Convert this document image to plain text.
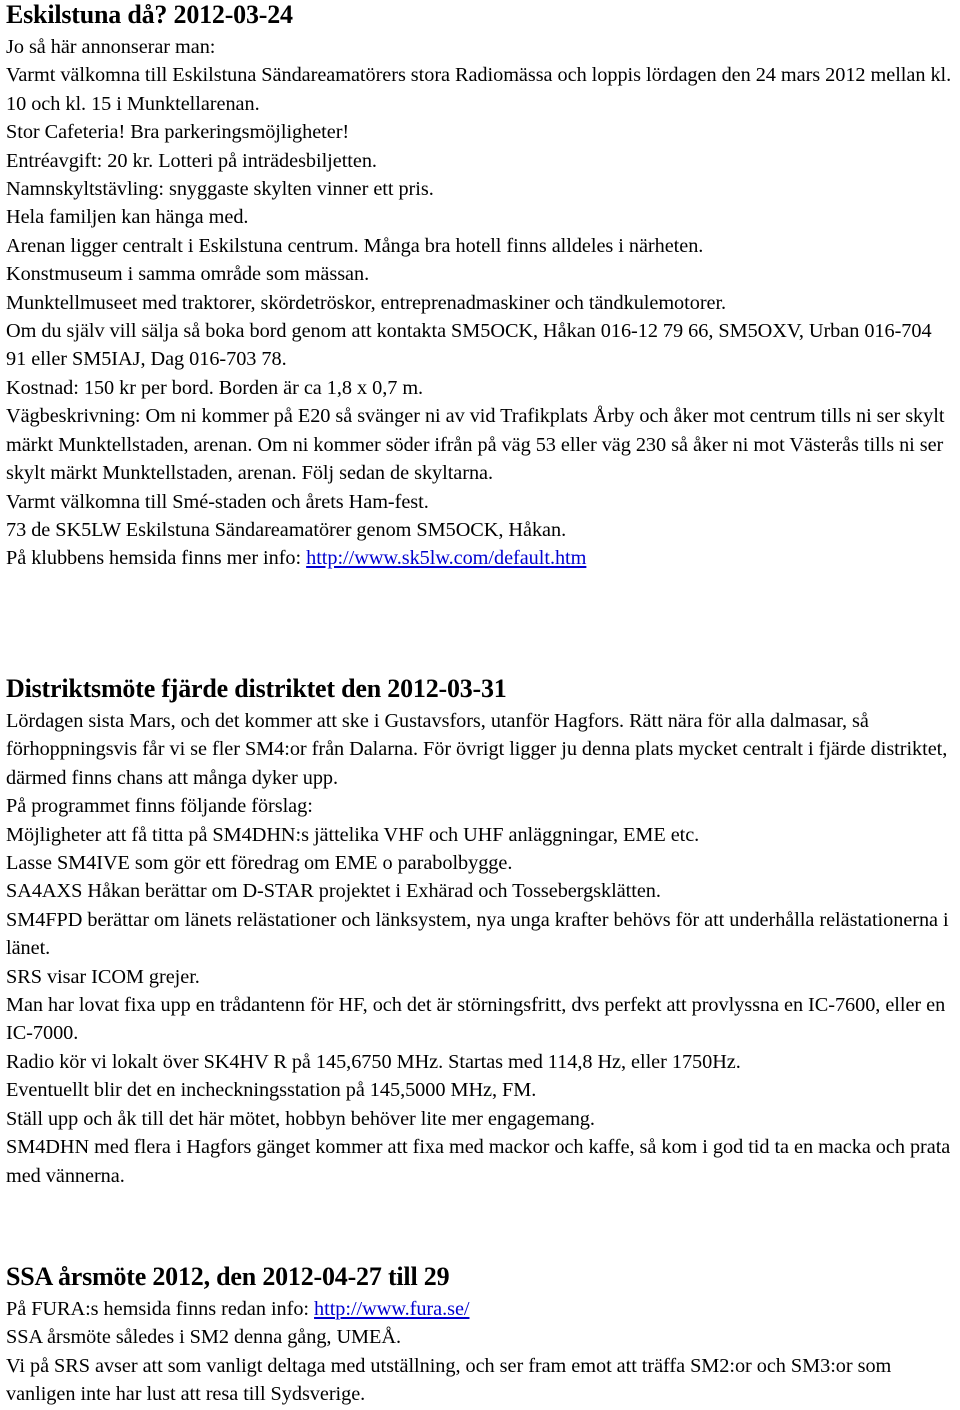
Eskilstuna då? 2012-03-24

Jo så här annonserar man:

Varmt välkomna till Eskilstuna Sändareamatörers stora Radiomässa och loppis lördagen den 24 mars 2012 mellan kl. 10 och kl. 15 i Munktellarenan.

Stor Cafeteria! Bra parkeringsmöjligheter!

Entréavgift: 20 kr. Lotteri på inträdesbiljetten.

Namnskyltstävling: snyggaste skylten vinner ett pris.

Hela familjen kan hänga med.

Arenan ligger centralt i Eskilstuna centrum. Många bra hotell finns alldeles i närheten.

Konstmuseum i samma område som mässan.

Munktellmuseet med traktorer, skördetröskor, entreprenadmaskiner och tändkulemotorer.

Om du själv vill sälja så boka bord genom att kontakta SM5OCK, Håkan 016-12 79 66, SM5OXV, Urban 016-704 91 eller SM5IAJ, Dag 016-703 78.

Kostnad: 150 kr per bord. Borden är ca 1,8 x 0,7 m.

Vägbeskrivning: Om ni kommer på E20 så svänger ni av vid Trafikplats Årby och åker mot centrum tills ni ser skylt märkt Munktellstaden, arenan. Om ni kommer söder ifrån på väg 53 eller väg 230 så åker ni mot Västerås tills ni ser skylt märkt Munktellstaden, arenan. Följ sedan de skyltarna.

Varmt välkomna till Smé-staden och årets Ham-fest.

73 de SK5LW Eskilstuna Sändareamatörer genom SM5OCK, Håkan.

På klubbens hemsida finns mer info: http://www.sk5lw.com/default.htm

Distriktsmöte fjärde distriktet den 2012-03-31

Lördagen sista Mars, och det kommer att ske i Gustavsfors, utanför Hagfors. Rätt nära för alla dalmasar, så förhoppningsvis får vi se fler SM4:or från Dalarna. För övrigt ligger ju denna plats mycket centralt i fjärde distriktet, därmed finns chans att många dyker upp.

På programmet finns följande förslag:

Möjligheter att få titta på SM4DHN:s jättelika VHF och UHF anläggningar, EME etc.

Lasse SM4IVE som gör ett föredrag om EME o parabolbygge.

SA4AXS Håkan berättar om D-STAR projektet i Exhärad och Tossebergsklätten.

SM4FPD berättar om länets relästationer och länksystem, nya unga krafter behövs för att underhålla relästationerna i länet.

SRS visar ICOM grejer.

Man har lovat fixa upp en trådantenn för HF, och det är störningsfritt, dvs perfekt att provlyssna en IC-7600, eller en IC-7000.

Radio kör vi lokalt över SK4HV R på 145,6750 MHz. Startas med 114,8 Hz, eller 1750Hz.

Eventuellt blir det en incheckningsstation på 145,5000 MHz, FM.

Ställ upp och åk till det här mötet, hobbyn behöver lite mer engagemang.

SM4DHN med flera i Hagfors gänget kommer att fixa med mackor och kaffe, så kom i god tid ta en macka och prata med vännerna.

SSA årsmöte 2012, den 2012-04-27 till 29

På FURA:s hemsida finns redan info: http://www.fura.se/

SSA årsmöte således i SM2 denna gång, UMEÅ.

Vi på SRS avser att som vanligt deltaga med utställning, och ser fram emot att träffa SM2:or och SM3:or som vanligen inte har lust att resa till Sydsverige.
